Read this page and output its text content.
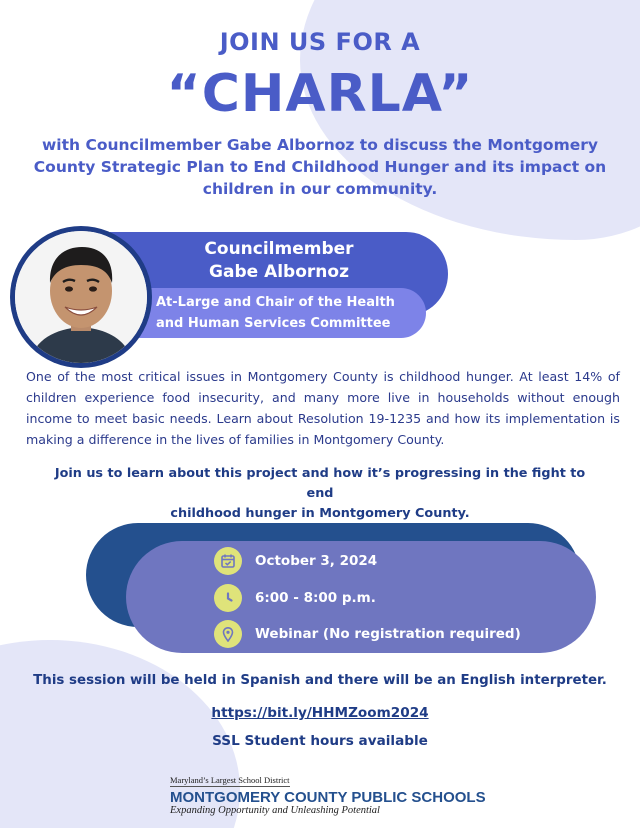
JOIN US FOR A
“CHARLA”
with Councilmember Gabe Albornoz to discuss the Montgomery County Strategic Plan to End Childhood Hunger and its impact on children in our community.
Councilmember
Gabe Albornoz
At-Large and Chair of the Health
and Human Services Committee
One of the most critical issues in Montgomery County is childhood hunger. At least 14% of children experience food insecurity, and many more live in households without enough income to meet basic needs. Learn about Resolution 19-1235 and how its implementation is making a difference in the lives of families in Montgomery County.
Join us to learn about this project and how it’s progressing in the fight to end
childhood hunger in Montgomery County.
October 3, 2024
6:00 - 8:00 p.m.
Webinar (No registration required)
This session will be held in Spanish and there will be an English interpreter.
https://bit.ly/HHMZoom2024
SSL Student hours available
Maryland’s Largest School District
MONTGOMERY COUNTY PUBLIC SCHOOLS
Expanding Opportunity and Unleashing Potential
